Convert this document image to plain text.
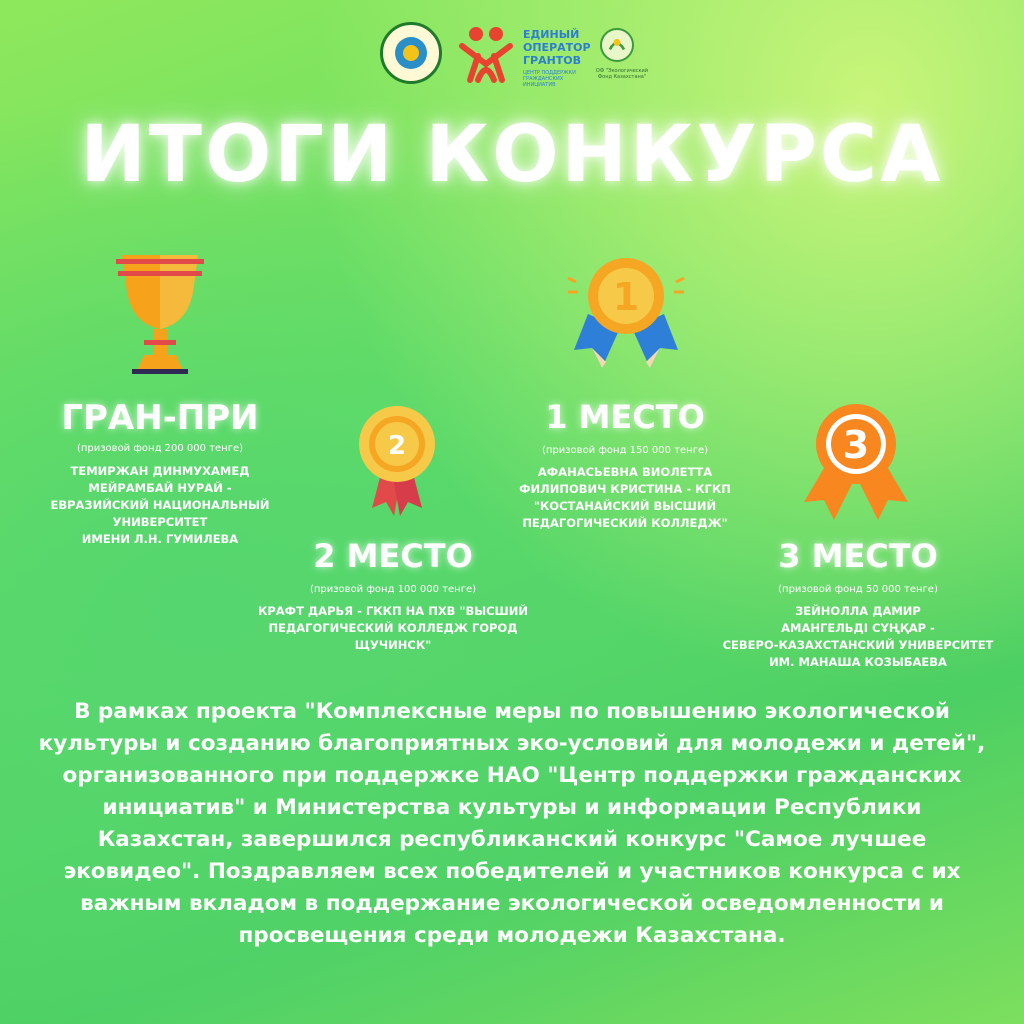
ЕДИНЫЙ
ОПЕРАТОР
ГРАНТОВ
ЦЕНТР ПОДДЕРЖКИ ГРАЖДАНСКИХ ИНИЦИАТИВ
ОФ "Экологический Фонд Казахстана"
ИТОГИ КОНКУРСА
1
2	3
ГРАН-ПРИ
(призовой фонд 200 000 тенге)
ТЕМИРЖАН ДИНМУХАМЕД
МЕЙРАМБАЙ НУРАЙ -
ЕВРАЗИЙСКИЙ НАЦИОНАЛЬНЫЙ
УНИВЕРСИТЕТ
ИМЕНИ Л.Н. ГУМИЛЕВА
1 МЕСТО
(призовой фонд 150 000 тенге)
АФАНАСЬЕВНА ВИОЛЕТТА
ФИЛИПОВИЧ КРИСТИНА - КГКП
"КОСТАНАЙСКИЙ ВЫСШИЙ
ПЕДАГОГИЧЕСКИЙ КОЛЛЕДЖ"
2 МЕСТО
(призовой фонд 100 000 тенге)
КРАФТ ДАРЬЯ - ГККП НА ПХВ "ВЫСШИЙ
ПЕДАГОГИЧЕСКИЙ КОЛЛЕДЖ ГОРОД
ЩУЧИНСК"
3 МЕСТО
(призовой фонд 50 000 тенге)
ЗЕЙНОЛЛА ДАМИР
АМАНГЕЛЬДІ СҰҢҚАР -
СЕВЕРО-КАЗАХСТАНСКИЙ УНИВЕРСИТЕТ
ИМ. МАНАША КОЗЫБАЕВА
В рамках проекта "Комплексные меры по повышению экологической
культуры и созданию благоприятных эко-условий для молодежи и детей",
организованного при поддержке НАО "Центр поддержки гражданских
инициатив" и Министерства культуры и информации Республики
Казахстан, завершился республиканский конкурс "Самое лучшее
эковидео". Поздравляем всех победителей и участников конкурса с их
важным вкладом в поддержание экологической осведомленности и
просвещения среди молодежи Казахстана.
